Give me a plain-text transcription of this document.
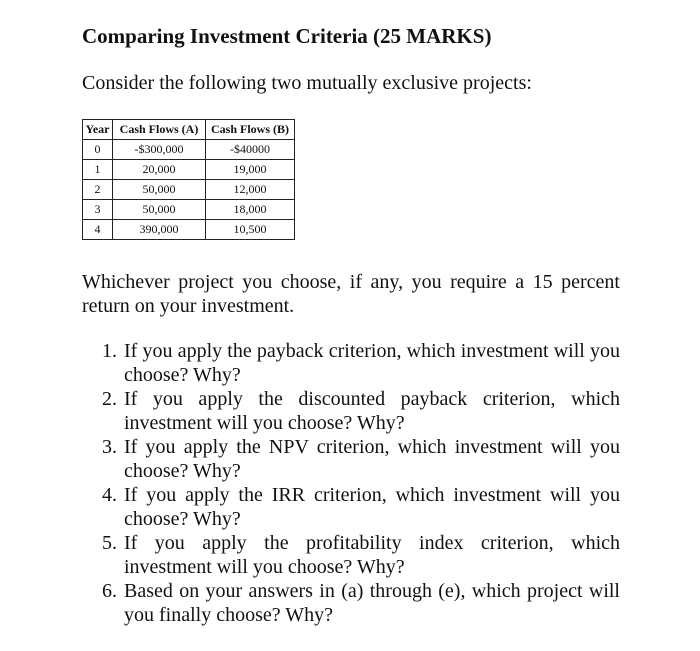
Comparing Investment Criteria (25 MARKS)
Consider the following two mutually exclusive projects:
Year	Cash Flows (A)	Cash Flows (B)
0	-$300,000	-$40000
1	20,000	19,000
2	50,000	12,000
3	50,000	18,000
4	390,000	10,500
Whichever project you choose, if any, you require a 15 percent return on your investment.
1. If you apply the payback criterion, which investment will you choose? Why?
2. If you apply the discounted payback criterion, which investment will you choose? Why?
3. If you apply the NPV criterion, which investment will you choose? Why?
4. If you apply the IRR criterion, which investment will you choose? Why?
5. If you apply the profitability index criterion, which investment will you choose? Why?
6. Based on your answers in (a) through (e), which project will you finally choose? Why?
